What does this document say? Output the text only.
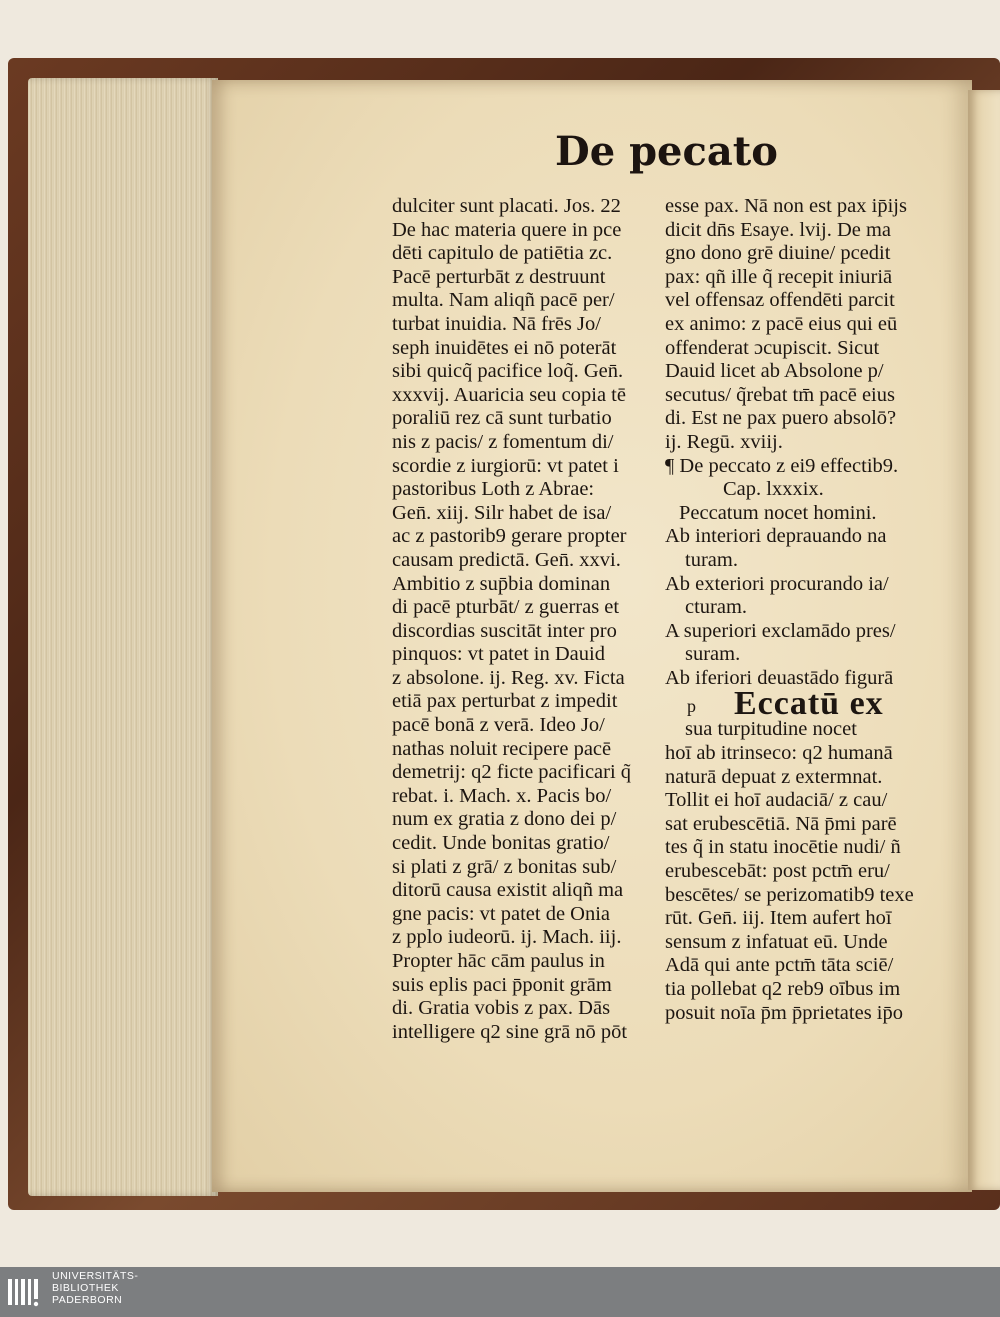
De pecato
dulciter sunt placati. Jos. 22
De hac materia quere in pce
dēti capitulo de patiētia zc.
Pacē perturbāt z destruunt
multa. Nam aliqñ pacē per/
turbat inuidia. Nā frēs Jo/
seph inuidētes ei nō poterāt
sibi quicq̃ pacifice loq̃. Gen̄.
xxxvij. Auaricia seu copia tē
poraliū rez cā sunt turbatio
nis z pacis/ z fomentum di/
scordie z iurgiorū: vt patet i
pastoribus Loth z Abrae:
Gen̄. xiij. Silr habet de isa/
ac z pastorib9 gerare propter
causam predictā. Gen̄. xxvi.
Ambitio z sup̄bia dominan
di pacē pturbāt/ z guerras et
discordias suscitāt inter pro
pinquos: vt patet in Dauid
z absolone. ij. Reg. xv. Ficta
etiā pax perturbat z impedit
pacē bonā z verā. Ideo Jo/
nathas noluit recipere pacē
demetrij: q2 ficte pacificari q̃
rebat. i. Mach. x. Pacis bo/
num ex gratia z dono dei p/
cedit. Unde bonitas gratio/
si plati z grā/ z bonitas sub/
ditorū causa existit aliqñ ma
gne pacis: vt patet de Onia
z pplo iudeorū. ij. Mach. iij.
Propter hāc cām paulus in
suis eplis paci p̄ponit grām
di. Gratia vobis z pax. Dās
intelligere q2 sine grā nō pōt
esse pax. Nā non est pax ip̄ijs
dicit dn̄s Esaye. lvij. De ma
gno dono grē diuine/ pcedit
pax: qñ ille q̃ recepit iniuriā
vel offensaz offendēti parcit
ex animo: z pacē eius qui eū
offenderat ɔcupiscit. Sicut
Dauid licet ab Absolone p/
secutus/ q̃rebat tm̄ pacē eius
di. Est ne pax puero absolō?
ij. Regū. xviij.
¶ De peccato z ei9 effectib9.
Cap. lxxxix.
Peccatum nocet homini.
Ab interiori deprauando na
turam.
Ab exteriori procurando ia/
cturam.
A superiori exclamādo pres/
suram.
Ab iferiori deuastādo figurā
p Eccatū ex
sua turpitudine nocet
hoī ab itrinseco: q2 humanā
naturā depuat z extermnat.
Tollit ei hoī audaciā/ z cau/
sat erubescētiā. Nā p̄mi parē
tes q̃ in statu inocētie nudi/ ñ
erubescebāt: post pctm̄ eru/
bescētes/ se perizomatib9 texe
rūt. Gen̄. iij. Item aufert hoī
sensum z infatuat eū. Unde
Adā qui ante pctm̄ tāta sciē/
tia pollebat q2 reb9 oībus im
posuit noīa p̄m p̄prietates ip̄o
UNIVERSITÄTS-
BIBLIOTHEK
PADERBORN
